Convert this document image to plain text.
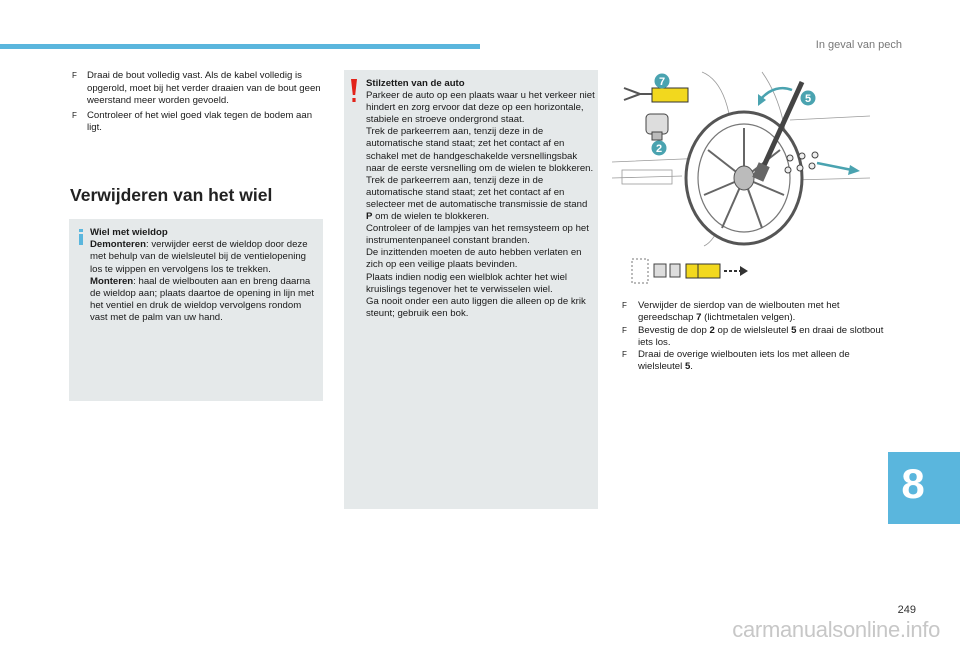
In geval van pech

F Draai de bout volledig vast. Als de kabel volledig is opgerold, moet bij het verder draaien van de bout geen weerstand meer worden gevoeld.

F Controleer of het wiel goed vlak tegen de bodem aan ligt.

Verwijderen van het wiel
Wiel met wieldop
Demonteren: verwijder eerst de wieldop door deze met behulp van de wielsleutel bij de ventielopening los te wippen en vervolgens los te trekken.
Monteren: haal de wielbouten aan en breng daarna de wieldop aan; plaats daartoe de opening in lijn met het ventiel en druk de wieldop vervolgens rondom vast met de palm van uw hand.
Stilzetten van de auto
Parkeer de auto op een plaats waar u het verkeer niet hindert en zorg ervoor dat deze op een horizontale, stabiele en stroeve ondergrond staat.
Trek de parkeerrem aan, tenzij deze in de automatische stand staat; zet het contact af en schakel met de handgeschakelde versnellingsbak naar de eerste versnelling om de wielen te blokkeren.
Trek de parkeerrem aan, tenzij deze in de automatische stand staat; zet het contact af en selecteer met de automatische transmissie de stand P om de wielen te blokkeren.
Controleer of de lampjes van het remsysteem op het instrumentenpaneel constant branden.
De inzittenden moeten de auto hebben verlaten en zich op een veilige plaats bevinden.
Plaats indien nodig een wielblok achter het wiel kruislings tegenover het te verwisselen wiel.
Ga nooit onder een auto liggen die alleen op de krik steunt; gebruik een bok.
7
5
2

F Verwijder de sierdop van de wielbouten met het gereedschap 7 (lichtmetalen velgen).

F Bevestig de dop 2 op de wielsleutel 5 en draai de slotbout iets los.

F Draai de overige wielbouten iets los met alleen de wielsleutel 5.

8
249
carmanualsonline.info
